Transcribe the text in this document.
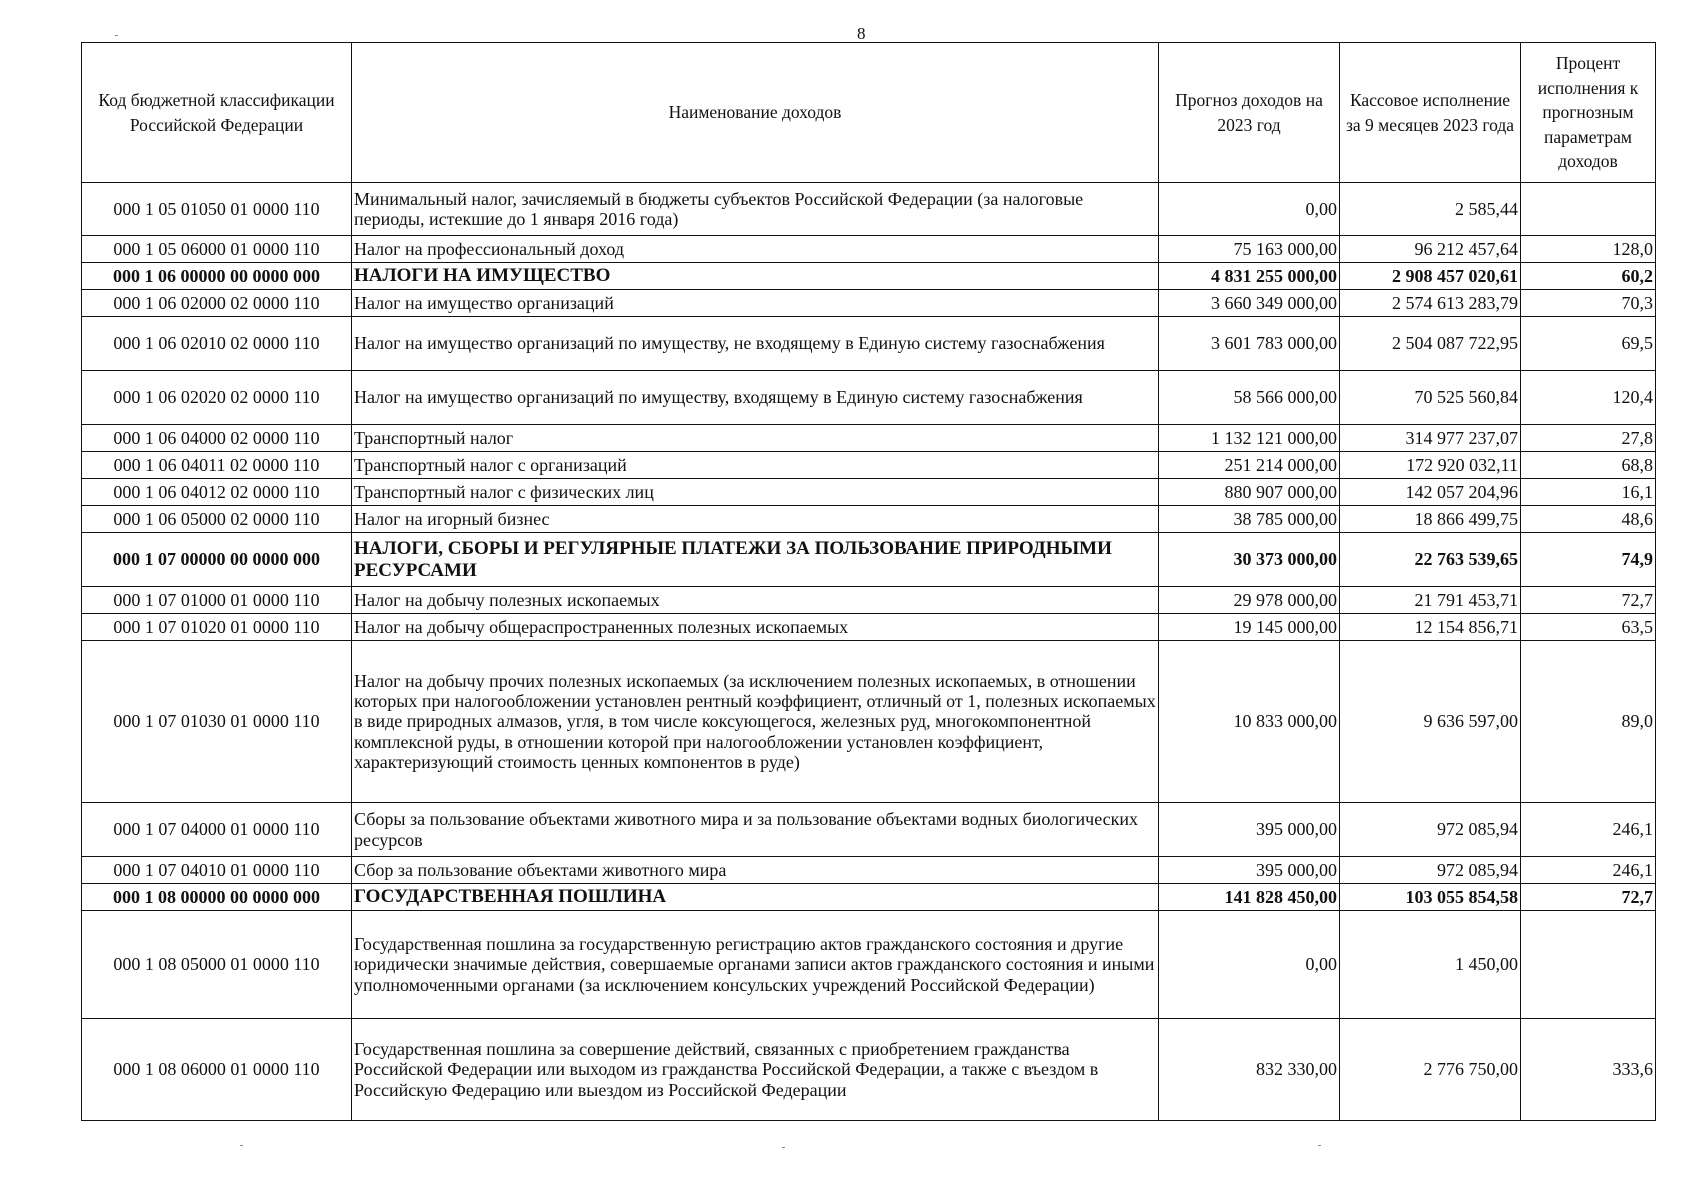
8
Код бюджетной классификации Российской Федерации	Наименование доходов	Прогноз доходов на 2023 год	Кассовое исполнение за 9 месяцев 2023 года	Процент исполнения к прогнозным параметрам доходов
000 1 05 01050 01 0000 110	Минимальный налог, зачисляемый в бюджеты субъектов Российской Федерации (за налоговые периоды, истекшие до 1 января 2016 года)	0,00	2 585,44	
000 1 05 06000 01 0000 110	Налог на профессиональный доход	75 163 000,00	96 212 457,64	128,0
000 1 06 00000 00 0000 000	НАЛОГИ НА ИМУЩЕСТВО	4 831 255 000,00	2 908 457 020,61	60,2
000 1 06 02000 02 0000 110	Налог на имущество организаций	3 660 349 000,00	2 574 613 283,79	70,3
000 1 06 02010 02 0000 110	Налог на имущество организаций по имуществу, не входящему в Единую систему газоснабжения	3 601 783 000,00	2 504 087 722,95	69,5
000 1 06 02020 02 0000 110	Налог на имущество организаций по имуществу, входящему в Единую систему газоснабжения	58 566 000,00	70 525 560,84	120,4
000 1 06 04000 02 0000 110	Транспортный налог	1 132 121 000,00	314 977 237,07	27,8
000 1 06 04011 02 0000 110	Транспортный налог с организаций	251 214 000,00	172 920 032,11	68,8
000 1 06 04012 02 0000 110	Транспортный налог с физических лиц	880 907 000,00	142 057 204,96	16,1
000 1 06 05000 02 0000 110	Налог на игорный бизнес	38 785 000,00	18 866 499,75	48,6
000 1 07 00000 00 0000 000	НАЛОГИ, СБОРЫ И РЕГУЛЯРНЫЕ ПЛАТЕЖИ ЗА ПОЛЬЗОВАНИЕ ПРИРОДНЫМИ РЕСУРСАМИ	30 373 000,00	22 763 539,65	74,9
000 1 07 01000 01 0000 110	Налог на добычу полезных ископаемых	29 978 000,00	21 791 453,71	72,7
000 1 07 01020 01 0000 110	Налог на добычу общераспространенных полезных ископаемых	19 145 000,00	12 154 856,71	63,5
000 1 07 01030 01 0000 110	Налог на добычу прочих полезных ископаемых (за исключением полезных ископаемых, в отношении которых при налогообложении установлен рентный коэффициент, отличный от 1, полезных ископаемых в виде природных алмазов, угля, в том числе коксующегося, железных руд, многокомпонентной комплексной руды, в отношении которой при налогообложении установлен коэффициент, характеризующий стоимость ценных компонентов в руде)	10 833 000,00	9 636 597,00	89,0
000 1 07 04000 01 0000 110	Сборы за пользование объектами животного мира и за пользование объектами водных биологических ресурсов	395 000,00	972 085,94	246,1
000 1 07 04010 01 0000 110	Сбор за пользование объектами животного мира	395 000,00	972 085,94	246,1
000 1 08 00000 00 0000 000	ГОСУДАРСТВЕННАЯ ПОШЛИНА	141 828 450,00	103 055 854,58	72,7
000 1 08 05000 01 0000 110	Государственная пошлина за государственную регистрацию актов гражданского состояния и другие юридически значимые действия, совершаемые органами записи актов гражданского состояния и иными уполномоченными органами (за исключением консульских учреждений Российской Федерации)	0,00	1 450,00	
000 1 08 06000 01 0000 110	Государственная пошлина за совершение действий, связанных с приобретением гражданства Российской Федерации или выходом из гражданства Российской Федерации, а также с въездом в Российскую Федерацию или выездом из Российской Федерации	832 330,00	2 776 750,00	333,6
